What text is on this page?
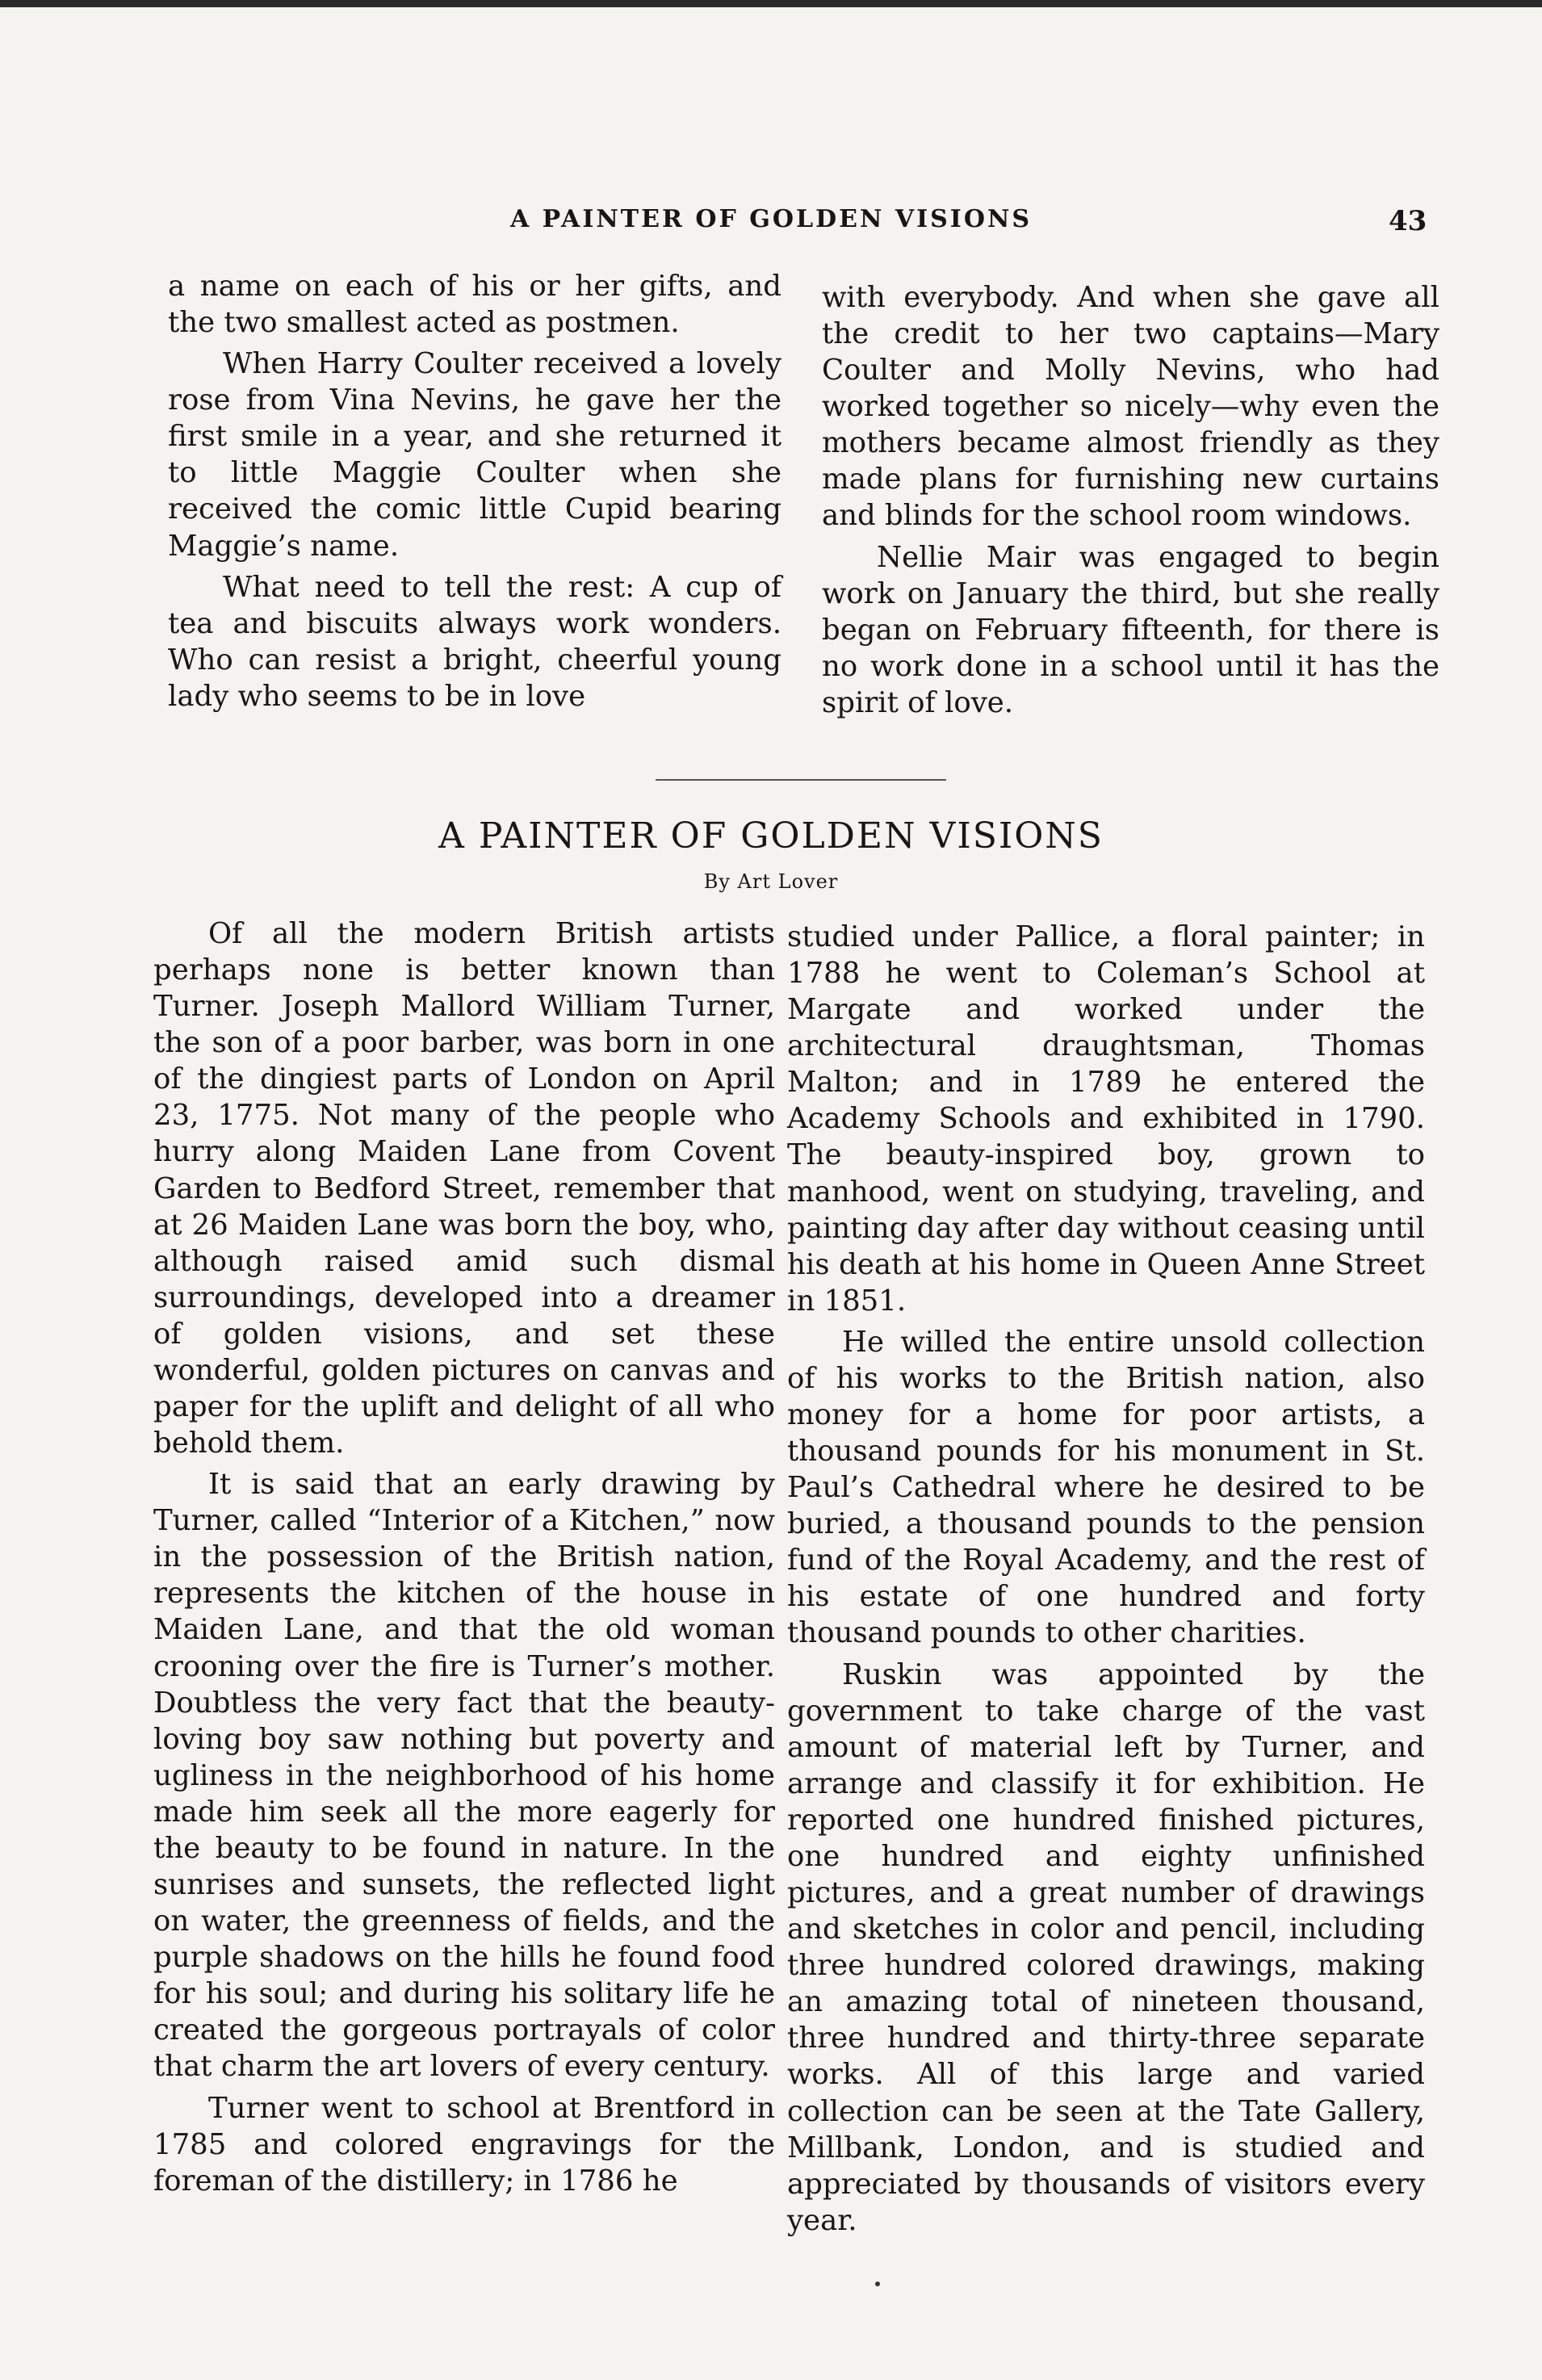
A PAINTER OF GOLDEN VISIONS	43

a name on each of his or her gifts, and the two smallest acted as postmen.

When Harry Coulter received a lovely rose from Vina Nevins, he gave her the first smile in a year, and she returned it to little Maggie Coulter when she received the comic little Cupid bearing Maggie’s name.

What need to tell the rest: A cup of tea and biscuits always work wonders. Who can resist a bright, cheerful young lady who seems to be in love

with everybody. And when she gave all the credit to her two captains—Mary Coulter and Molly Nevins, who had worked together so nicely—why even the mothers became almost friendly as they made plans for furnishing new curtains and blinds for the school room windows.

Nellie Mair was engaged to begin work on January the third, but she really began on February fifteenth, for there is no work done in a school until it has the spirit of love.

A PAINTER OF GOLDEN VISIONS
By Art Lover

Of all the modern British artists perhaps none is better known than Turner. Joseph Mallord William Turner, the son of a poor barber, was born in one of the dingiest parts of London on April 23, 1775. Not many of the people who hurry along Maiden Lane from Covent Garden to Bedford Street, remember that at 26 Maiden Lane was born the boy, who, although raised amid such dismal surroundings, developed into a dreamer of golden visions, and set these wonderful, golden pictures on canvas and paper for the uplift and delight of all who behold them.

It is said that an early drawing by Turner, called “Interior of a Kitchen,” now in the possession of the British nation, represents the kitchen of the house in Maiden Lane, and that the old woman crooning over the fire is Turner’s mother. Doubtless the very fact that the beauty-loving boy saw nothing but poverty and ugliness in the neighborhood of his home made him seek all the more eagerly for the beauty to be found in nature. In the sunrises and sunsets, the reflected light on water, the greenness of fields, and the purple shadows on the hills he found food for his soul; and during his solitary life he created the gorgeous portrayals of color that charm the art lovers of every century.

Turner went to school at Brentford in 1785 and colored engravings for the foreman of the distillery; in 1786 he

studied under Pallice, a floral painter; in 1788 he went to Coleman’s School at Margate and worked under the architectural draughtsman, Thomas Malton; and in 1789 he entered the Academy Schools and exhibited in 1790. The beauty-inspired boy, grown to manhood, went on studying, traveling, and painting day after day without ceasing until his death at his home in Queen Anne Street in 1851.

He willed the entire unsold collection of his works to the British nation, also money for a home for poor artists, a thousand pounds for his monument in St. Paul’s Cathedral where he desired to be buried, a thousand pounds to the pension fund of the Royal Academy, and the rest of his estate of one hundred and forty thousand pounds to other charities.

Ruskin was appointed by the government to take charge of the vast amount of material left by Turner, and arrange and classify it for exhibition. He reported one hundred finished pictures, one hundred and eighty unfinished pictures, and a great number of drawings and sketches in color and pencil, including three hundred colored drawings, making an amazing total of nineteen thousand, three hundred and thirty-three separate works. All of this large and varied collection can be seen at the Tate Gallery, Millbank, London, and is studied and appreciated by thousands of visitors every year.
